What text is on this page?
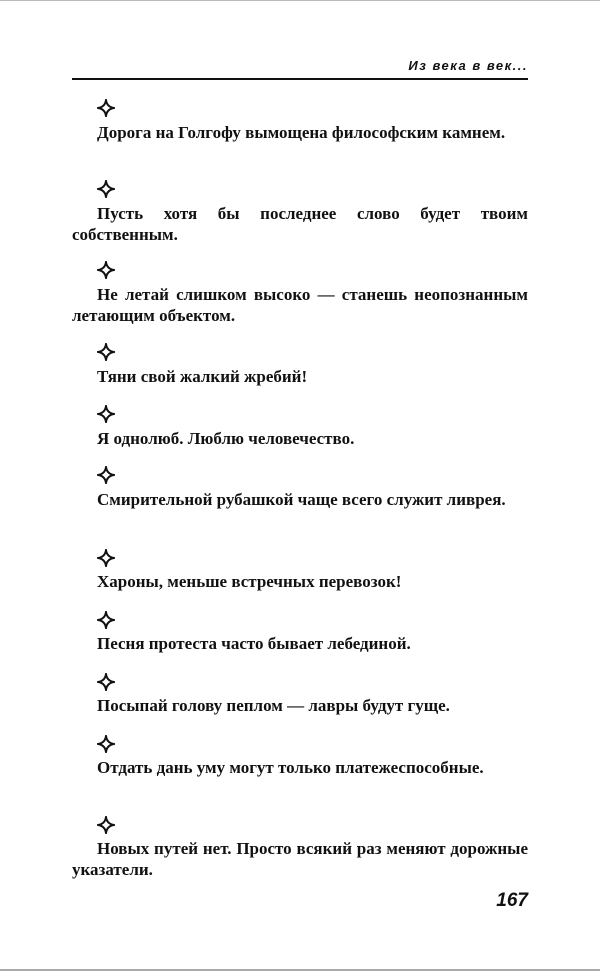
Из века в век...
167
Дорога на Голгофу вымощена философским камнем.
Пусть хотя бы последнее слово будет твоим собственным.
Не летай слишком высоко — станешь неопознанным летающим объектом.
Тяни свой жалкий жребий!
Я однолюб. Люблю человечество.
Смирительной рубашкой чаще всего служит ливрея.
Хароны, меньше встречных перевозок!
Песня протеста часто бывает лебединой.
Посыпай голову пеплом — лавры будут гуще.
Отдать дань уму могут только платежеспособные.
Новых путей нет. Просто всякий раз меняют дорожные указатели.
